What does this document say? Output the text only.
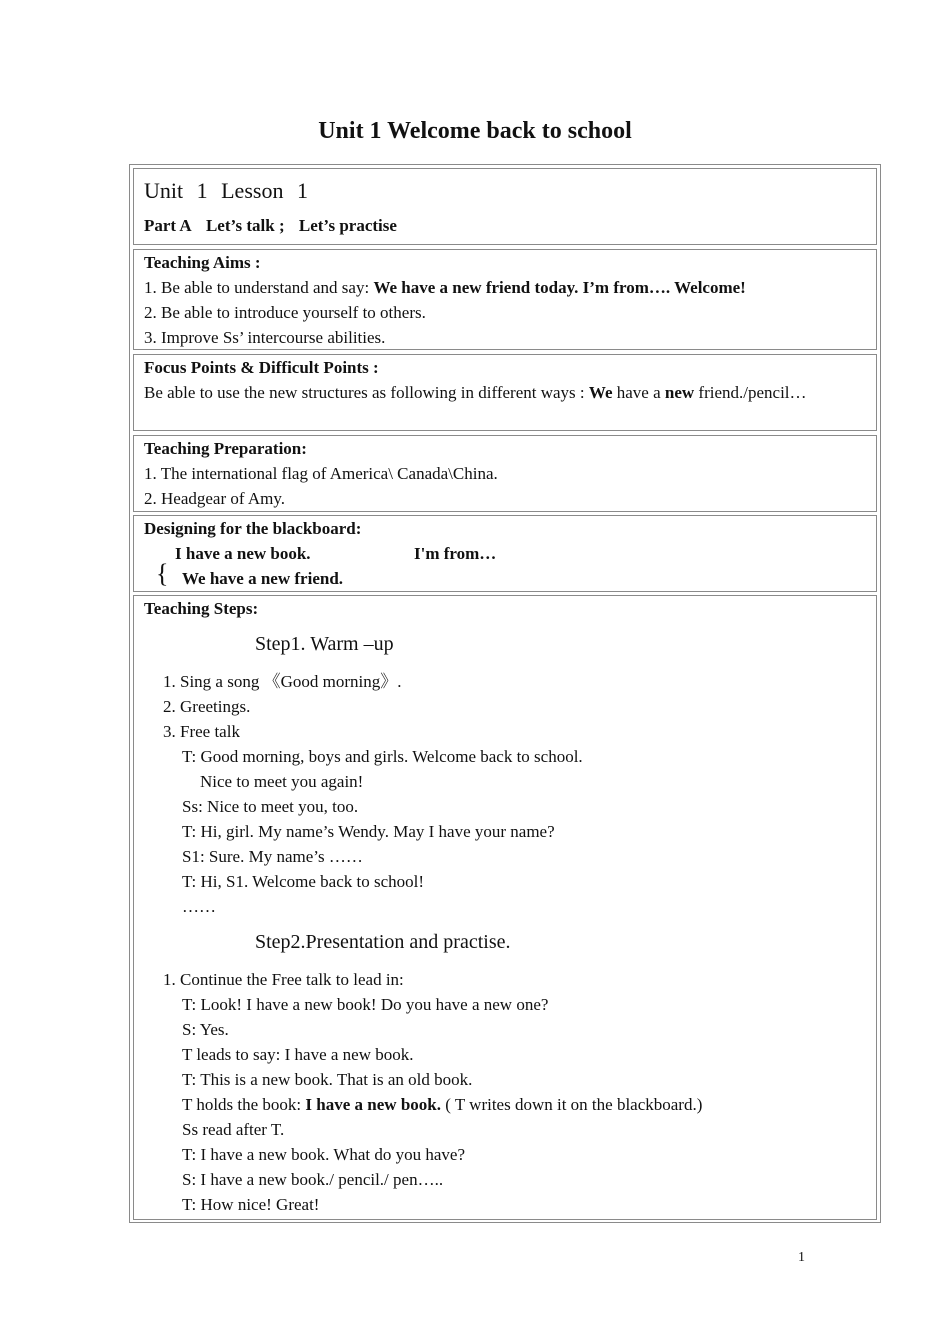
Unit 1 Welcome back to school
Unit 1 Lesson 1
Part A Let’s talk ; Let’s practise
Teaching Aims :
1. Be able to understand and say: We have a new friend today. I’m from…. Welcome!
2. Be able to introduce yourself to others.
3. Improve Ss’ intercourse abilities.
Focus Points & Difficult Points :
Be able to use the new structures as following in different ways : We have a new friend./pencil…
Teaching Preparation:
1. The international flag of America\ Canada\China.
2. Headgear of Amy.
Designing for the blackboard:
{
I have a new book.	I'm from…
We have a new friend.
Teaching Steps:
Step1. Warm –up
1. Sing a song 《Good morning》.
2. Greetings.
3. Free talk
T: Good morning, boys and girls. Welcome back to school.
Nice to meet you again!
Ss: Nice to meet you, too.
T: Hi, girl. My name’s Wendy. May I have your name?
S1: Sure. My name’s ……
T: Hi, S1. Welcome back to school!
……
Step2.Presentation and practise.
1. Continue the Free talk to lead in:
T: Look! I have a new book! Do you have a new one?
S: Yes.
T leads to say: I have a new book.
T: This is a new book. That is an old book.
T holds the book: I have a new book. ( T writes down it on the blackboard.)
Ss read after T.
T: I have a new book. What do you have?
S: I have a new book./ pencil./ pen…..
T: How nice! Great!
1
